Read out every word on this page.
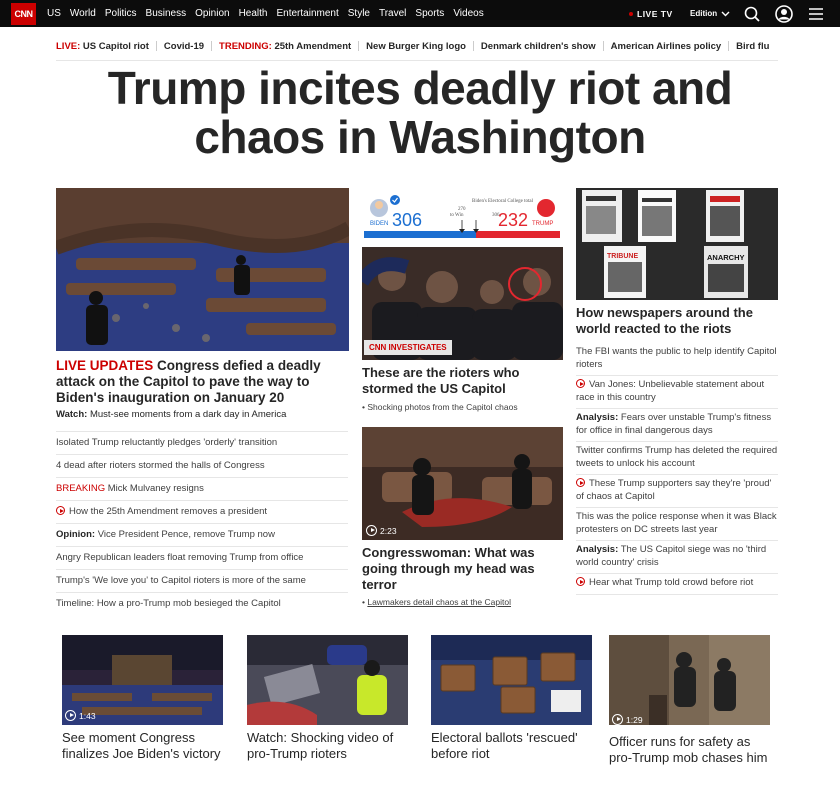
CNN	US World Politics Business Opinion Health Entertainment Style Travel Sports Videos	LIVE TV Edition
LIVE: US Capitol riot Covid-19 TRENDING: 25th Amendment New Burger King logo Denmark children's show American Airlines policy Bird flu
Trump incites deadly riot and
chaos in Washington
LIVE UPDATES Congress defied a deadly attack on the Capitol to pave the way to Biden's inauguration on January 20
Watch: Must-see moments from a dark day in America
Isolated Trump reluctantly pledges 'orderly' transition
4 dead after rioters stormed the halls of Congress
BREAKING Mick Mulvaney resigns
How the 25th Amendment removes a president
Opinion: Vice President Pence, remove Trump now
Angry Republican leaders float removing Trump from office
Trump's 'We love you' to Capitol rioters is more of the same
Timeline: How a pro-Trump mob besieged the Capitol
BIDEN 306
270
to Win
Biden's Electoral College total
306
232 TRUMP
CNN INVESTIGATES
These are the rioters who stormed the US Capitol
• Shocking photos from the Capitol chaos
2:23
Congresswoman: What was going through my head was terror
• Lawmakers detail chaos at the Capitol
TRIBUNE	ANARCHY
How newspapers around the world reacted to the riots
The FBI wants the public to help identify Capitol rioters
Van Jones: Unbelievable statement about race in this country
Analysis: Fears over unstable Trump's fitness for office in final dangerous days
Twitter confirms Trump has deleted the required tweets to unlock his account
These Trump supporters say they're 'proud' of chaos at Capitol
This was the police response when it was Black protesters on DC streets last year
Analysis: The US Capitol siege was no 'third world country' crisis
Hear what Trump told crowd before riot
1:43
See moment Congress finalizes Joe Biden's victory
Watch: Shocking video of pro-Trump rioters
Electoral ballots 'rescued' before riot
1:29
Officer runs for safety as pro-Trump mob chases him
